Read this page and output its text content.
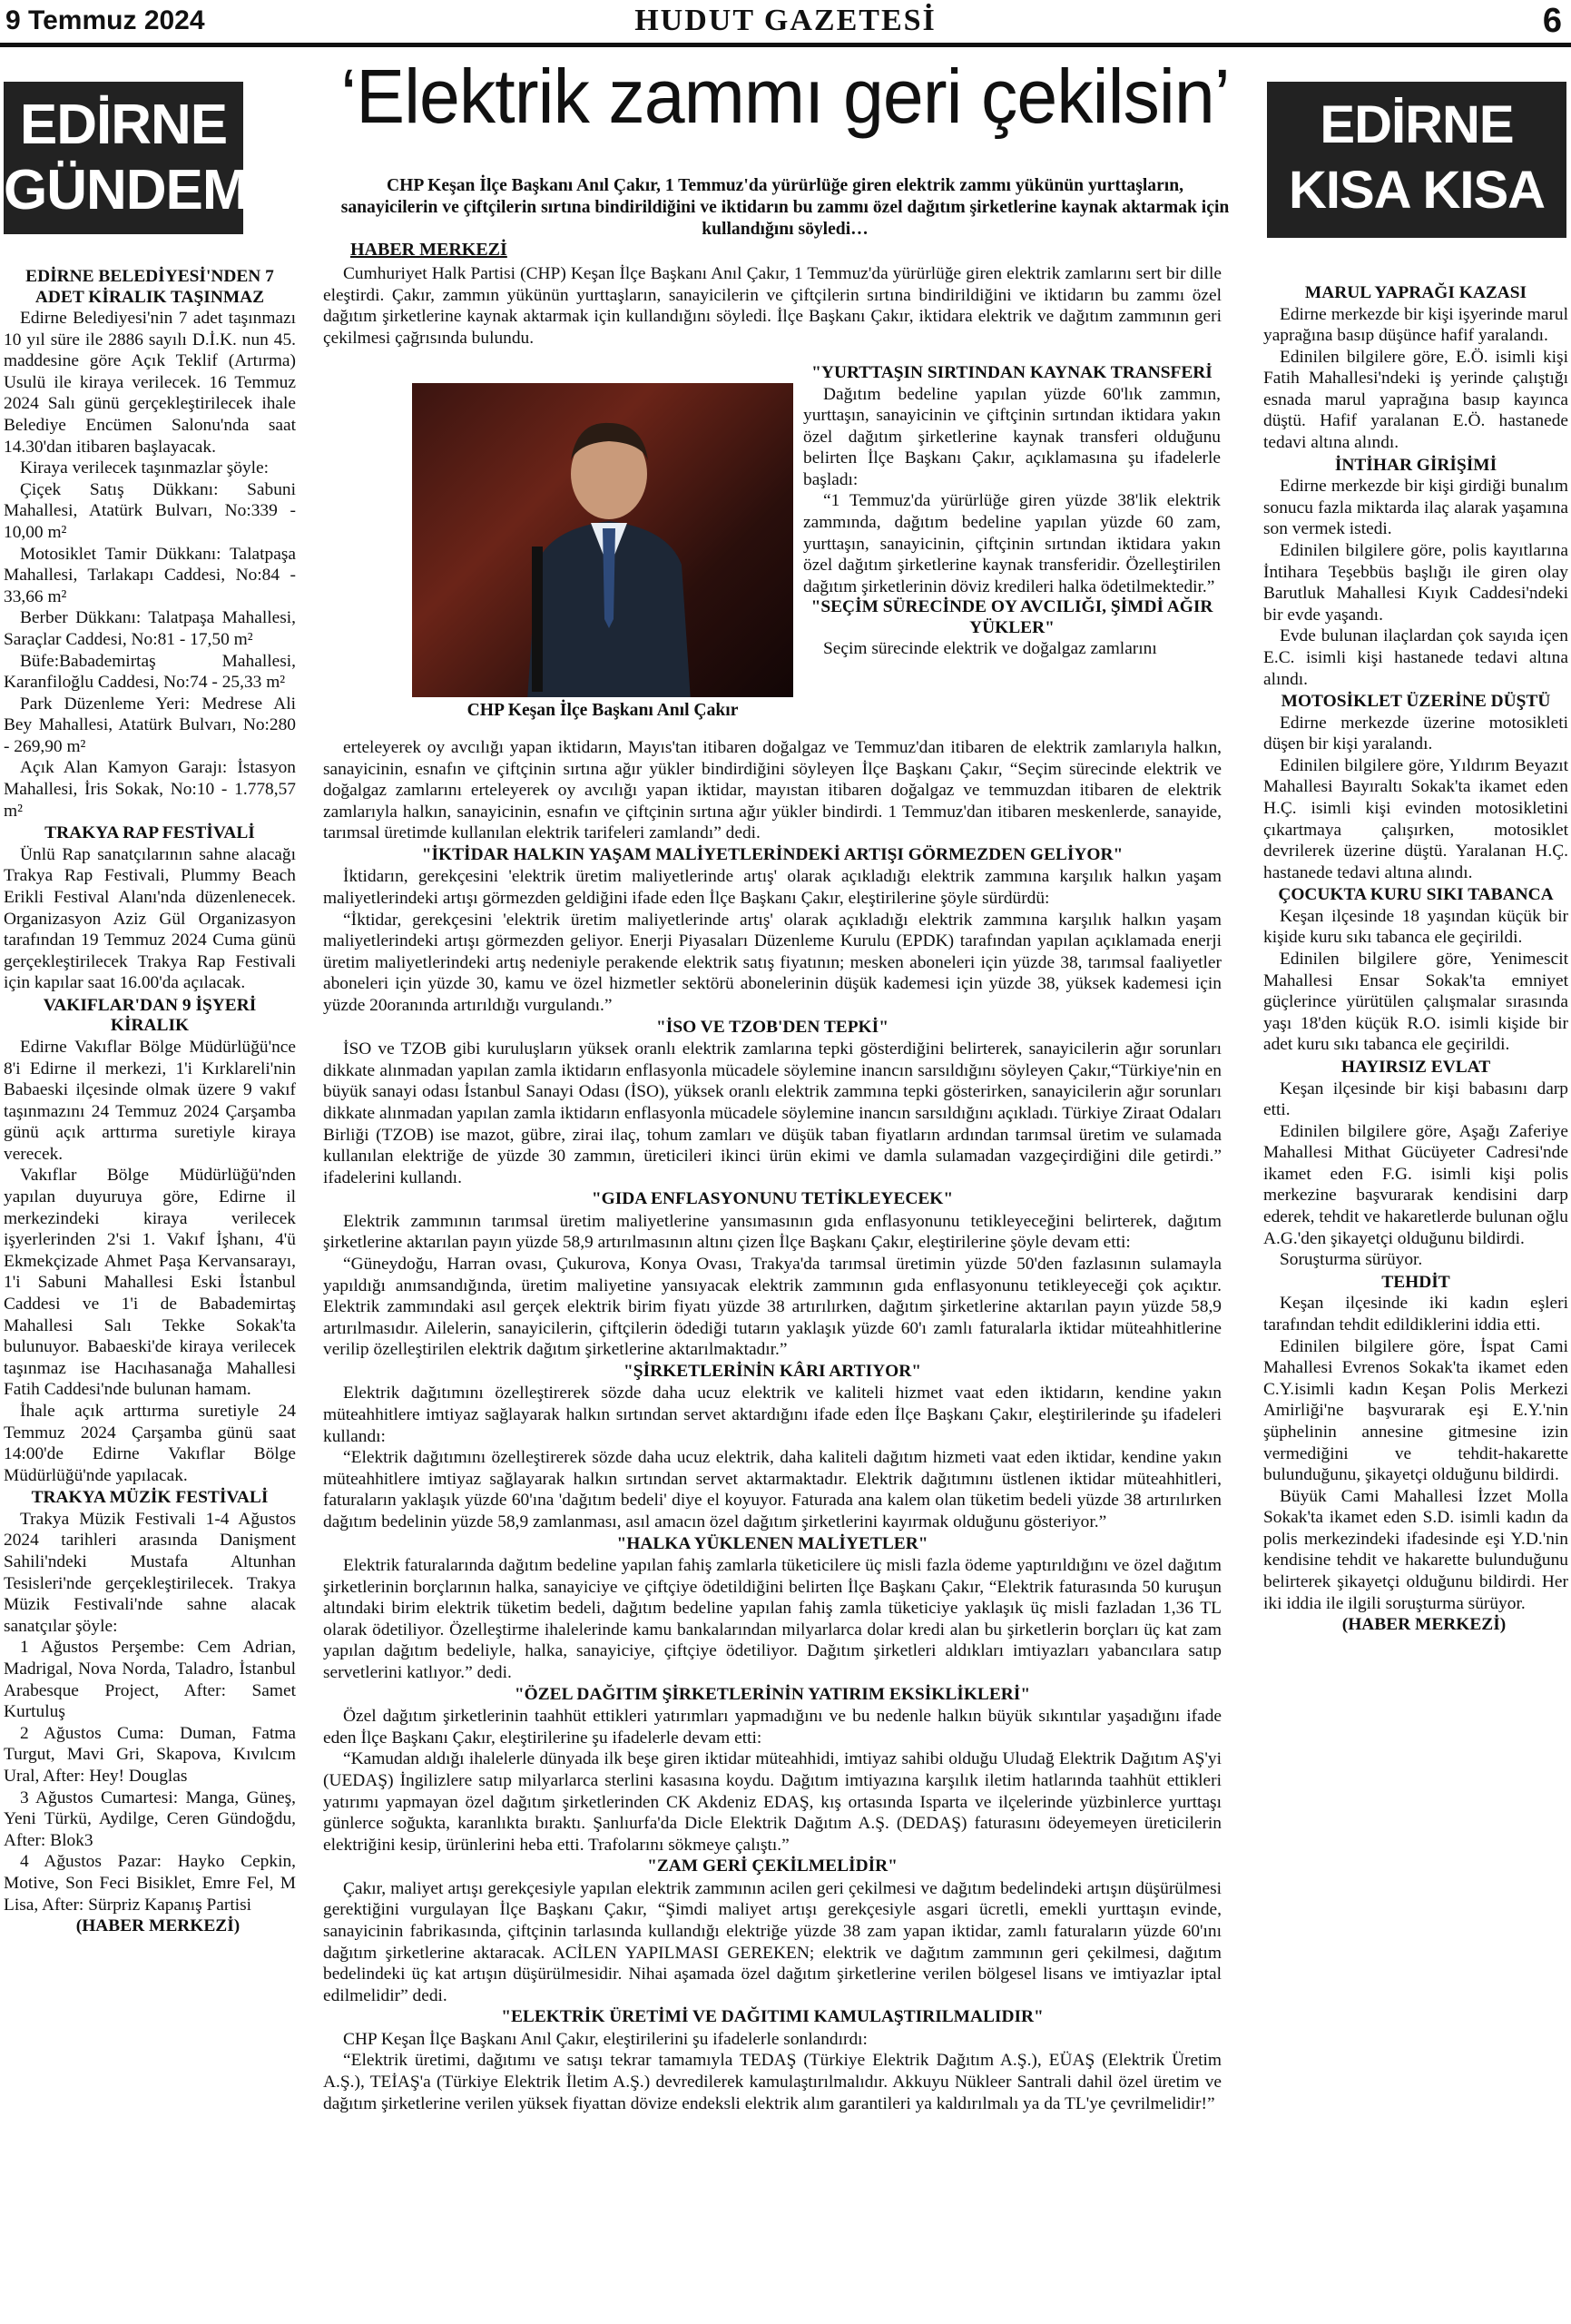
9 Temmuz 2024	HUDUT GAZETESİ	6
EDİRNE
GÜNDEMİ
EDİRNE
KISA KISA
EDİRNE BELEDİYESİ'NDEN 7 ADET KİRALIK TAŞINMAZ

Edirne Belediyesi'nin 7 adet taşınmazı 10 yıl süre ile 2886 sayılı D.İ.K. nun 45. maddesine göre Açık Teklif (Artırma) Usulü ile kiraya verilecek. 16 Temmuz 2024 Salı günü gerçekleştirilecek ihale Belediye Encümen Salonu'nda saat 14.30'dan itibaren başlayacak.

Kiraya verilecek taşınmazlar şöyle:

Çiçek Satış Dükkanı: Sabuni Mahallesi, Atatürk Bulvarı, No:339 - 10,00 m²

Motosiklet Tamir Dükkanı: Talatpaşa Mahallesi, Tarlakapı Caddesi, No:84 - 33,66 m²

Berber Dükkanı: Talatpaşa Mahallesi, Saraçlar Caddesi, No:81 - 17,50 m²

Büfe:Babademirtaş Mahallesi, Karanfiloğlu Caddesi, No:74 - 25,33 m²

Park Düzenleme Yeri: Medrese Ali Bey Mahallesi, Atatürk Bulvarı, No:280 - 269,90 m²

Açık Alan Kamyon Garajı: İstasyon Mahallesi, İris Sokak, No:10 - 1.778,57 m²

TRAKYA RAP FESTİVALİ

Ünlü Rap sanatçılarının sahne alacağı Trakya Rap Festivali, Plummy Beach Erikli Festival Alanı'nda düzenlenecek. Organizasyon Aziz Gül Organizasyon tarafından 19 Temmuz 2024 Cuma günü gerçekleştirilecek Trakya Rap Festivali için kapılar saat 16.00'da açılacak.

VAKIFLAR'DAN 9 İŞYERİ KİRALIK

Edirne Vakıflar Bölge Müdürlüğü'nce 8'i Edirne il merkezi, 1'i Kırklareli'nin Babaeski ilçesinde olmak üzere 9 vakıf taşınmazını 24 Temmuz 2024 Çarşamba günü açık arttırma suretiyle kiraya verecek.

Vakıflar Bölge Müdürlüğü'nden yapılan duyuruya göre, Edirne il merkezindeki kiraya verilecek işyerlerinden 2'si 1. Vakıf İşhanı, 4'ü Ekmekçizade Ahmet Paşa Kervansarayı, 1'i Sabuni Mahallesi Eski İstanbul Caddesi ve 1'i de Babademirtaş Mahallesi Salı Tekke Sokak'ta bulunuyor. Babaeski'de kiraya verilecek taşınmaz ise Hacıhasanağa Mahallesi Fatih Caddesi'nde bulunan hamam.

İhale açık arttırma suretiyle 24 Temmuz 2024 Çarşamba günü saat 14:00'de Edirne Vakıflar Bölge Müdürlüğü'nde yapılacak.

TRAKYA MÜZİK FESTİVALİ

Trakya Müzik Festivali 1-4 Ağustos 2024 tarihleri arasında Danişment Sahili'ndeki Mustafa Altunhan Tesisleri'nde gerçekleştirilecek. Trakya Müzik Festivali'nde sahne alacak sanatçılar şöyle:

1 Ağustos Perşembe: Cem Adrian, Madrigal, Nova Norda, Taladro, İstanbul Arabesque Project, After: Samet Kurtuluş

2 Ağustos Cuma: Duman, Fatma Turgut, Mavi Gri, Skapova, Kıvılcım Ural, After: Hey! Douglas

3 Ağustos Cumartesi: Manga, Güneş, Yeni Türkü, Aydilge, Ceren Gündoğdu, After: Blok3

4 Ağustos Pazar: Hayko Cepkin, Motive, Son Feci Bisiklet, Emre Fel, M Lisa, After: Sürpriz Kapanış Partisi

(HABER MERKEZİ)

MARUL YAPRAĞI KAZASI

Edirne merkezde bir kişi işyerinde marul yaprağına basıp düşünce hafif yaralandı.

Edinilen bilgilere göre, E.Ö. isimli kişi Fatih Mahallesi'ndeki iş yerinde çalıştığı esnada marul yaprağına basıp kayınca düştü. Hafif yaralanan E.Ö. hastanede tedavi altına alındı.

İNTİHAR GİRİŞİMİ

Edirne merkezde bir kişi girdiği bunalım sonucu fazla miktarda ilaç alarak yaşamına son vermek istedi.

Edinilen bilgilere göre, polis kayıtlarına İntihara Teşebbüs başlığı ile giren olay Barutluk Mahallesi Kıyık Caddesi'ndeki bir evde yaşandı.

Evde bulunan ilaçlardan çok sayıda içen E.C. isimli kişi hastanede tedavi altına alındı.

MOTOSİKLET ÜZERİNE DÜŞTÜ

Edirne merkezde üzerine motosikleti düşen bir kişi yaralandı.

Edinilen bilgilere göre, Yıldırım Beyazıt Mahallesi Bayıraltı Sokak'ta ikamet eden H.Ç. isimli kişi evinden motosikletini çıkartmaya çalışırken, motosiklet devrilerek üzerine düştü. Yaralanan H.Ç. hastanede tedavi altına alındı.

ÇOCUKTA KURU SIKI TABANCA

Keşan ilçesinde 18 yaşından küçük bir kişide kuru sıkı tabanca ele geçirildi.

Edinilen bilgilere göre, Yenimescit Mahallesi Ensar Sokak'ta emniyet güçlerince yürütülen çalışmalar sırasında yaşı 18'den küçük R.O. isimli kişide bir adet kuru sıkı tabanca ele geçirildi.

HAYIRSIZ EVLAT

Keşan ilçesinde bir kişi babasını darp etti.

Edinilen bilgilere göre, Aşağı Zaferiye Mahallesi Mithat Gücüyeter Cadresi'nde ikamet eden F.G. isimli kişi polis merkezine başvurarak kendisini darp ederek, tehdit ve hakaretlerde bulunan oğlu A.G.'den şikayetçi olduğunu bildirdi.

Soruşturma sürüyor.

TEHDİT

Keşan ilçesinde iki kadın eşleri tarafından tehdit edildiklerini iddia etti.

Edinilen bilgilere göre, İspat Cami Mahallesi Evrenos Sokak'ta ikamet eden C.Y.isimli kadın Keşan Polis Merkezi Amirliği'ne başvurarak eşi E.Y.'nin şüphelinin annesine gitmesine izin vermediğini ve tehdit-hakarette bulunduğunu, şikayetçi olduğunu bildirdi.

Büyük Cami Mahallesi İzzet Molla Sokak'ta ikamet eden S.D. isimli kadın da polis merkezindeki ifadesinde eşi Y.D.'nin kendisine tehdit ve hakarette bulunduğunu belirterek şikayetçi olduğunu bildirdi. Her iki iddia ile ilgili soruşturma sürüyor.

(HABER MERKEZİ)

‘Elektrik zammı geri çekilsin’
CHP Keşan İlçe Başkanı Anıl Çakır, 1 Temmuz'da yürürlüğe giren elektrik zammı yükünün yurttaşların, sanayicilerin ve çiftçilerin sırtına bindirildiğini ve iktidarın bu zammı özel dağıtım şirketlerine kaynak aktarmak için kullandığını söyledi…
HABER MERKEZİ

Cumhuriyet Halk Partisi (CHP) Keşan İlçe Başkanı Anıl Çakır, 1 Temmuz'da yürürlüğe giren elektrik zamlarını sert bir dille eleştirdi. Çakır, zammın yükünün yurttaşların, sanayicilerin ve çiftçilerin sırtına bindirildiğini ve iktidarın bu zammı özel dağıtım şirketlerine kaynak aktarmak için kullandığını söyledi. İlçe Başkanı Çakır, iktidara elektrik ve dağıtım zammının geri çekilmesi çağrısında bulundu.

CHP Keşan İlçe Başkanı Anıl Çakır
"YURTTAŞIN SIRTINDAN KAYNAK TRANSFERİ

Dağıtım bedeline yapılan yüzde 60'lık zammın, yurttaşın, sanayicinin ve çiftçinin sırtından iktidara yakın özel dağıtım şirketlerine kaynak transferi olduğunu belirten İlçe Başkanı Çakır, açıklamasına şu ifadelerle başladı:

“1 Temmuz'da yürürlüğe giren yüzde 38'lik elektrik zammında, dağıtım bedeline yapılan yüzde 60 zam, yurttaşın, sanayicinin, çiftçinin sırtından iktidara yakın özel dağıtım şirketlerine kaynak transferidir. Özelleştirilen dağıtım şirketlerinin döviz kredileri halka ödetilmektedir.”

"SEÇİM SÜRECİNDE OY AVCILIĞI, ŞİMDİ AĞIR YÜKLER"

Seçim sürecinde elektrik ve doğalgaz zamlarını

erteleyerek oy avcılığı yapan iktidarın, Mayıs'tan itibaren doğalgaz ve Temmuz'dan itibaren de elektrik zamlarıyla halkın, sanayicinin, esnafın ve çiftçinin sırtına ağır yükler bindirdiğini söyleyen İlçe Başkanı Çakır, “Seçim sürecinde elektrik ve doğalgaz zamlarını erteleyerek oy avcılığı yapan iktidar, mayıstan itibaren doğalgaz ve temmuzdan itibaren de elektrik zamlarıyla halkın, sanayicinin, esnafın ve çiftçinin sırtına ağır yükler bindirdi. 1 Temmuz'dan itibaren meskenlerde, sanayide, tarımsal üretimde kullanılan elektrik tarifeleri zamlandı” dedi.

"İKTİDAR HALKIN YAŞAM MALİYETLERİNDEKİ ARTIŞI GÖRMEZDEN GELİYOR"

İktidarın, gerekçesini 'elektrik üretim maliyetlerinde artış' olarak açıkladığı elektrik zammına karşılık halkın yaşam maliyetlerindeki artışı görmezden geldiğini ifade eden İlçe Başkanı Çakır, eleştirilerine şöyle sürdürdü:

“İktidar, gerekçesini 'elektrik üretim maliyetlerinde artış' olarak açıkladığı elektrik zammına karşılık halkın yaşam maliyetlerindeki artışı görmezden geliyor. Enerji Piyasaları Düzenleme Kurulu (EPDK) tarafından yapılan açıklamada enerji üretim maliyetlerindeki artış nedeniyle perakende elektrik satış fiyatının; mesken aboneleri için yüzde 38, tarımsal faaliyetler aboneleri için yüzde 30, kamu ve özel hizmetler sektörü abonelerinin düşük kademesi için yüzde 38, yüksek kademesi için yüzde 20oranında artırıldığı vurgulandı.”

"İSO VE TZOB'DEN TEPKİ"

İSO ve TZOB gibi kuruluşların yüksek oranlı elektrik zamlarına tepki gösterdiğini belirterek, sanayicilerin ağır sorunları dikkate alınmadan yapılan zamla iktidarın enflasyonla mücadele söylemine inancın sarsıldığını söyleyen Çakır,“Türkiye'nin en büyük sanayi odası İstanbul Sanayi Odası (İSO), yüksek oranlı elektrik zammına tepki gösterirken, sanayicilerin ağır sorunları dikkate alınmadan yapılan zamla iktidarın enflasyonla mücadele söylemine inancın sarsıldığını açıkladı. Türkiye Ziraat Odaları Birliği (TZOB) ise mazot, gübre, zirai ilaç, tohum zamları ve düşük taban fiyatların ardından tarımsal üretim ve sulamada kullanılan elektriğe de yüzde 30 zammın, üreticileri ikinci ürün ekimi ve damla sulamadan vazgeçirdiğini dile getirdi.” ifadelerini kullandı.

"GIDA ENFLASYONUNU TETİKLEYECEK"

Elektrik zammının tarımsal üretim maliyetlerine yansımasının gıda enflasyonunu tetikleyeceğini belirterek, dağıtım şirketlerine aktarılan payın yüzde 58,9 artırılmasının altını çizen İlçe Başkanı Çakır, eleştirilerine şöyle devam etti:

“Güneydoğu, Harran ovası, Çukurova, Konya Ovası, Trakya'da tarımsal üretimin yüzde 50'den fazlasının sulamayla yapıldığı anımsandığında, üretim maliyetine yansıyacak elektrik zammının gıda enflasyonunu tetikleyeceği çok açıktır. Elektrik zammındaki asıl gerçek elektrik birim fiyatı yüzde 38 artırılırken, dağıtım şirketlerine aktarılan payın yüzde 58,9 artırılmasıdır. Ailelerin, sanayicilerin, çiftçilerin ödediği tutarın yaklaşık yüzde 60'ı zamlı faturalarla iktidar müteahhitlerine verilip özelleştirilen elektrik dağıtım şirketlerine aktarılmaktadır.”

"ŞİRKETLERİNİN KÂRI ARTIYOR"

Elektrik dağıtımını özelleştirerek sözde daha ucuz elektrik ve kaliteli hizmet vaat eden iktidarın, kendine yakın müteahhitlere imtiyaz sağlayarak halkın sırtından servet aktardığını ifade eden İlçe Başkanı Çakır, eleştirilerinde şu ifadeleri kullandı:

“Elektrik dağıtımını özelleştirerek sözde daha ucuz elektrik, daha kaliteli dağıtım hizmeti vaat eden iktidar, kendine yakın müteahhitlere imtiyaz sağlayarak halkın sırtından servet aktarmaktadır. Elektrik dağıtımını üstlenen iktidar müteahhitleri, faturaların yaklaşık yüzde 60'ına 'dağıtım bedeli' diye el koyuyor. Faturada ana kalem olan tüketim bedeli yüzde 38 artırılırken dağıtım bedelinin yüzde 58,9 zamlanması, asıl amacın özel dağıtım şirketlerini kayırmak olduğunu gösteriyor.”

"HALKA YÜKLENEN MALİYETLER"

Elektrik faturalarında dağıtım bedeline yapılan fahiş zamlarla tüketicilere üç misli fazla ödeme yaptırıldığını ve özel dağıtım şirketlerinin borçlarının halka, sanayiciye ve çiftçiye ödetildiğini belirten İlçe Başkanı Çakır, “Elektrik faturasında 50 kuruşun altındaki birim elektrik tüketim bedeli, dağıtım bedeline yapılan fahiş zamla tüketiciye yaklaşık üç misli fazladan 1,36 TL olarak ödetiliyor. Özelleştirme ihalelerinde kamu bankalarından milyarlarca dolar kredi alan bu şirketlerin borçları üç kat zam yapılan dağıtım bedeliyle, halka, sanayiciye, çiftçiye ödetiliyor. Dağıtım şirketleri aldıkları imtiyazları yabancılara satıp servetlerini katlıyor.” dedi.

"ÖZEL DAĞITIM ŞİRKETLERİNİN YATIRIM EKSİKLİKLERİ"

Özel dağıtım şirketlerinin taahhüt ettikleri yatırımları yapmadığını ve bu nedenle halkın büyük sıkıntılar yaşadığını ifade eden İlçe Başkanı Çakır, eleştirilerine şu ifadelerle devam etti:

“Kamudan aldığı ihalelerle dünyada ilk beşe giren iktidar müteahhidi, imtiyaz sahibi olduğu Uludağ Elektrik Dağıtım AŞ'yi (UEDAŞ) İngilizlere satıp milyarlarca sterlini kasasına koydu. Dağıtım imtiyazına karşılık iletim hatlarında taahhüt ettikleri yatırımı yapmayan özel dağıtım şirketlerinden CK Akdeniz EDAŞ, kış ortasında Isparta ve ilçelerinde yüzbinlerce yurttaşı günlerce soğukta, karanlıkta bıraktı. Şanlıurfa'da Dicle Elektrik Dağıtım A.Ş. (DEDAŞ) faturasını ödeyemeyen üreticilerin elektriğini kesip, ürünlerini heba etti. Trafolarını sökmeye çalıştı.”

"ZAM GERİ ÇEKİLMELİDİR"

Çakır, maliyet artışı gerekçesiyle yapılan elektrik zammının acilen geri çekilmesi ve dağıtım bedelindeki artışın düşürülmesi gerektiğini vurgulayan İlçe Başkanı Çakır, “Şimdi maliyet artışı gerekçesiyle asgari ücretli, emekli yurttaşın evinde, sanayicinin fabrikasında, çiftçinin tarlasında kullandığı elektriğe yüzde 38 zam yapan iktidar, zamlı faturaların yüzde 60'ını dağıtım şirketlerine aktaracak. ACİLEN YAPILMASI GEREKEN; elektrik ve dağıtım zammının geri çekilmesi, dağıtım bedelindeki üç kat artışın düşürülmesidir. Nihai aşamada özel dağıtım şirketlerine verilen bölgesel lisans ve imtiyazlar iptal edilmelidir” dedi.

"ELEKTRİK ÜRETİMİ VE DAĞITIMI KAMULAŞTIRILMALIDIR"

CHP Keşan İlçe Başkanı Anıl Çakır, eleştirilerini şu ifadelerle sonlandırdı:

“Elektrik üretimi, dağıtımı ve satışı tekrar tamamıyla TEDAŞ (Türkiye Elektrik Dağıtım A.Ş.), EÜAŞ (Elektrik Üretim A.Ş.), TEİAŞ'a (Türkiye Elektrik İletim A.Ş.) devredilerek kamulaştırılmalıdır. Akkuyu Nükleer Santrali dahil özel üretim ve dağıtım şirketlerine verilen yüksek fiyattan dövize endeksli elektrik alım garantileri ya kaldırılmalı ya da TL'ye çevrilmelidir!”
